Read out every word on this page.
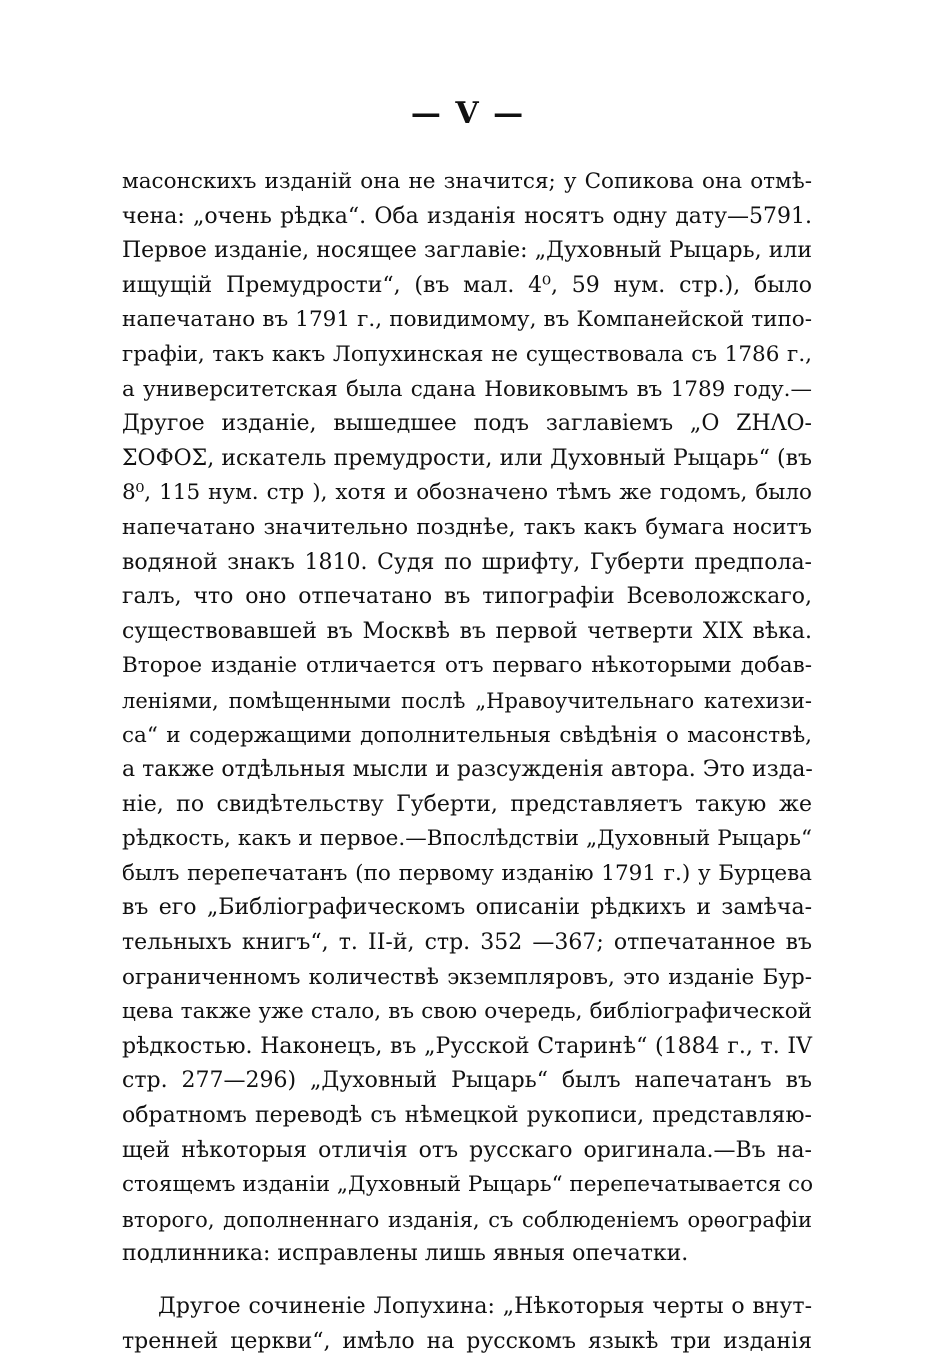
— V —
масонскихъ изданій она не значится; у Сопикова она отмѣ-
чена: „очень рѣдка“. Оба изданія носятъ одну дату—5791.
Первое изданіе, носящее заглавіе: „Духовный Рыцарь, или
ищущій Премудрости“, (въ мал. 4⁰, 59 нум. стр.), было
напечатано въ 1791 г., повидимому, въ Компанейской типо-
графіи, такъ какъ Лопухинская не существовала съ 1786 г.,
а университетская была сдана Новиковымъ въ 1789 году.—
Другое изданіе, вышедшее подъ заглавіемъ „О ΖΗΛΟ-
ΣΟΦΟΣ, искатель премудрости, или Духовный Рыцарь“ (въ
8⁰, 115 нум. стр ), хотя и обозначено тѣмъ же годомъ, было
напечатано значительно позднѣе, такъ какъ бумага носитъ
водяной знакъ 1810. Судя по шрифту, Губерти предпола-
галъ, что оно отпечатано въ типографіи Всеволожскаго,
существовавшей въ Москвѣ въ первой четверти XIX вѣка.
Второе изданіе отличается отъ перваго нѣкоторыми добав-
леніями, помѣщенными послѣ „Нравоучительнаго катехизи-
са“ и содержащими дополнительныя свѣдѣнія о масонствѣ,
а также отдѣльныя мысли и разсужденія автора. Это изда-
ніе, по свидѣтельству Губерти, представляетъ такую же
рѣдкость, какъ и первое.—Впослѣдствіи „Духовный Рыцарь“
былъ перепечатанъ (по первому изданію 1791 г.) у Бурцева
въ его „Библіографическомъ описаніи рѣдкихъ и замѣча-
тельныхъ книгъ“, т. II-й, стр. 352 —367; отпечатанное въ
ограниченномъ количествѣ экземпляровъ, это изданіе Бур-
цева также уже стало, въ свою очередь, библіографической
рѣдкостью. Наконецъ, въ „Русской Старинѣ“ (1884 г., т. IV
стр. 277—296) „Духовный Рыцарь“ былъ напечатанъ въ
обратномъ переводѣ съ нѣмецкой рукописи, представляю-
щей нѣкоторыя отличія отъ русскаго оригинала.—Въ на-
стоящемъ изданіи „Духовный Рыцарь“ перепечатывается со
второго, дополненнаго изданія, съ соблюденіемъ орѳографіи
подлинника: исправлены лишь явныя опечатки.
Другое сочиненіе Лопухина: „Нѣкоторыя черты о внут-
тренней церкви“, имѣло на русскомъ языкѣ три изданія
